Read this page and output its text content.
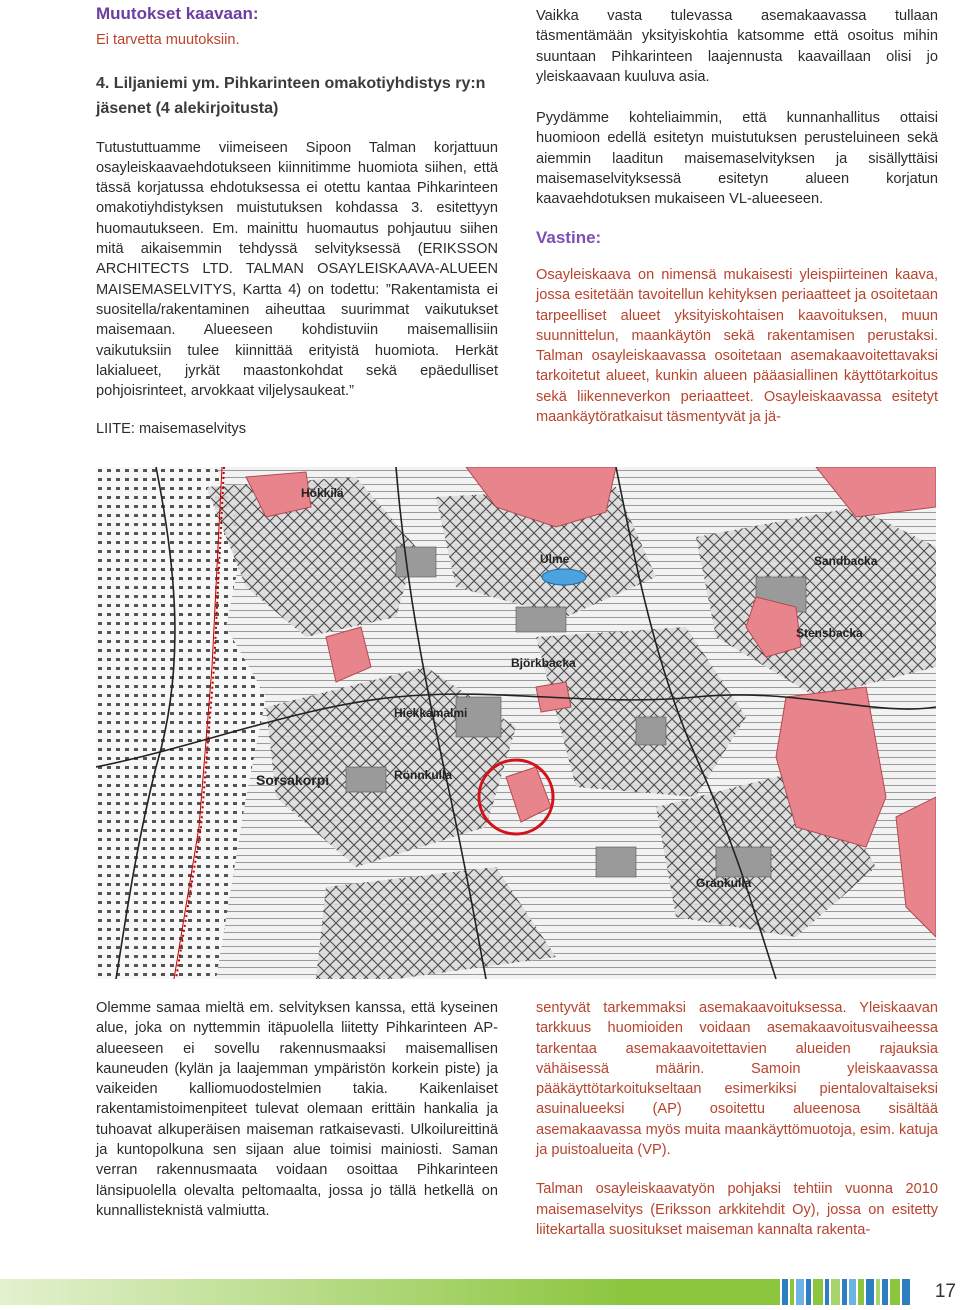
Muutokset kaavaan:

Ei tarvetta muutoksiin.

4. Liljaniemi ym. Pihkarinteen omakotiyhdistys ry:n jäsenet (4 alekirjoitusta)

Tutustuttuamme viimeiseen Sipoon Talman korjattuun osayleiskaavaehdotukseen kiinnitimme huomiota siihen, että tässä korjatussa ehdotuksessa ei otettu kantaa Pihkarinteen omakotiyhdistyksen muistutuksen kohdassa 3. esitettyyn huomautukseen. Em. mainittu huomautus pohjautuu siihen mitä aikaisemmin tehdyssä selvityksessä (ERIKSSON ARCHITECTS LTD. TALMAN OSAYLEISKAAVA-ALUEEN MAISEMASELVITYS, Kartta 4) on todettu: ”Rakentamista ei suositella/rakentaminen aiheuttaa suurimmat vaikutukset maisemaan. Alueeseen kohdistuviin maisemallisiin vaikutuksiin tulee kiinnittää erityistä huomiota. Herkät lakialueet, jyrkät maastonkohdat sekä epäedulliset pohjoisrinteet, arvokkaat viljelysaukeat.”

LIITE: maisemaselvitys

Vaikka vasta tulevassa asemakaavassa tullaan täsmentämään yksityiskohtia katsomme että osoitus mihin suuntaan Pihkarinteen laajennusta kaavaillaan olisi jo yleiskaavaan kuuluva asia.

Pyydämme kohteliaimmin, että kunnanhallitus ottaisi huomioon edellä esitetyn muistutuksen perusteluineen sekä aiemmin laaditun maisemaselvityksen ja sisällyttäisi maisemaselvityksessä esitetyn alueen korjatun kaavaehdotuksen mukaiseen VL-alueeseen.

Vastine:

Osayleiskaava on nimensä mukaisesti yleispiirteinen kaava, jossa esitetään tavoitellun kehityksen periaatteet ja osoitetaan tarpeelliset alueet yksityiskohtaisen kaavoituksen, muun suunnittelun, maankäytön sekä rakentamisen perustaksi. Talman osayleiskaavassa osoitetaan asemakaavoitettavaksi tarkoitetut alueet, kunkin alueen pääasiallinen käyttötarkoitus sekä liikenneverkon periaatteet. Osayleiskaavassa esitetyt maankäytöratkaisut täsmentyvät ja jä-

Hökkilä
Ulme	Sandbacka
Björkbacka
Hiekkamalmi
Sorsakorpi	Rönnkulla
Gränkulla
Stensbacka

Olemme samaa mieltä em. selvityksen kanssa, että kyseinen alue, joka on nyttemmin itäpuolella liitetty Pihkarinteen AP-alueeseen ei sovellu rakennusmaaksi maisemallisen kauneuden (kylän ja laajemman ympäristön korkein piste) ja vaikeiden kalliomuodostelmien takia. Kaikenlaiset rakentamistoimenpiteet tulevat olemaan erittäin hankalia ja tuhoavat alkuperäisen maiseman ratkaisevasti. Ulkoilureittinä ja kuntopolkuna sen sijaan alue toimisi mainiosti. Saman verran rakennusmaata voidaan osoittaa Pihkarinteen länsipuolella olevalta peltomaalta, jossa jo tällä hetkellä on kunnallisteknistä valmiutta.

sentyvät tarkemmaksi asemakaavoituksessa. Yleiskaavan tarkkuus huomioiden voidaan asemakaavoitusvaiheessa tarkentaa asemakaavoitettavien alueiden rajauksia vähäisessä määrin. Samoin yleiskaavassa pääkäyttötarkoitukseltaan esimerkiksi pientalovaltaiseksi asuinalueeksi (AP) osoitettu alueenosa sisältää asemakaavassa myös muita maankäyttömuotoja, esim. katuja ja puistoalueita (VP).

Talman osayleiskaavatyön pohjaksi tehtiin vuonna 2010 maisemaselvitys (Eriksson arkkitehdit Oy), jossa on esitetty liitekartalla suositukset maiseman kannalta rakenta-

17
